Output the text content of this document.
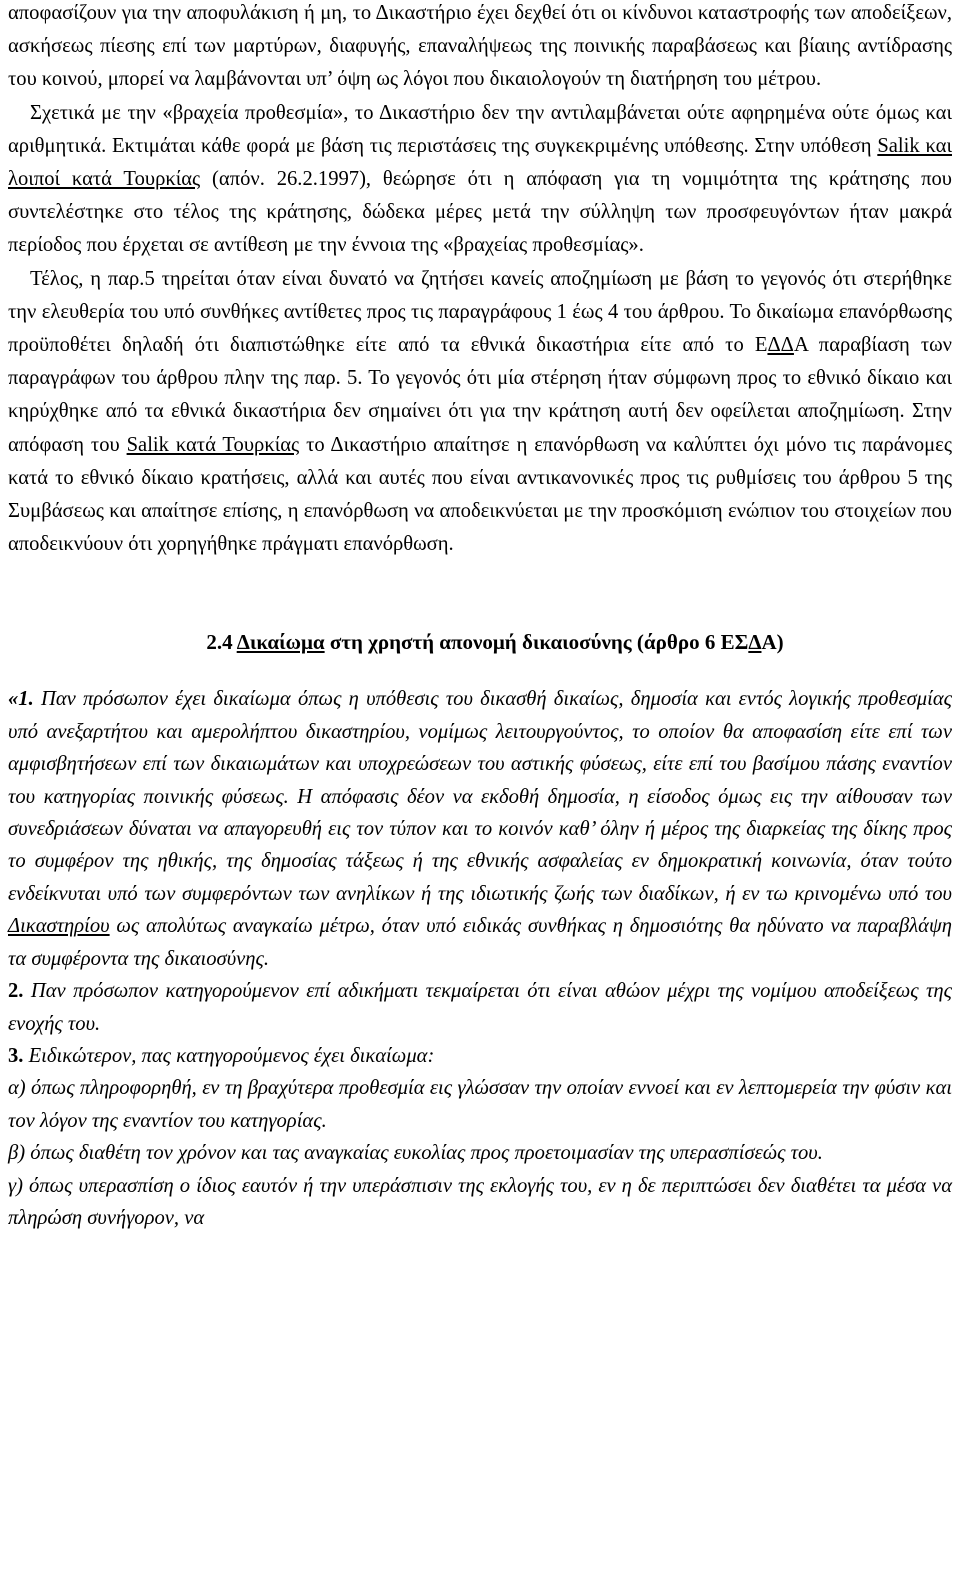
αποφασίζουν για την αποφυλάκιση ή μη, το Δικαστήριο έχει δεχθεί ότι οι κίνδυνοι καταστροφής των αποδείξεων, ασκήσεως πίεσης επί των μαρτύρων, διαφυγής, επαναλήψεως της ποινικής παραβάσεως και βίαιης αντίδρασης του κοινού, μπορεί να λαμβάνονται υπ’ όψη ως λόγοι που δικαιολογούν τη διατήρηση του μέτρου.

Σχετικά με την «βραχεία προθεσμία», το Δικαστήριο δεν την αντιλαμβάνεται ούτε αφηρημένα ούτε όμως και αριθμητικά. Εκτιμάται κάθε φορά με βάση τις περιστάσεις της συγκεκριμένης υπόθεσης. Στην υπόθεση Salik και λοιποί κατά Τουρκίας (απόν. 26.2.1997), θεώρησε ότι η απόφαση για τη νομιμότητα της κράτησης που συντελέστηκε στο τέλος της κράτησης, δώδεκα μέρες μετά την σύλληψη των προσφευγόντων ήταν μακρά περίοδος που έρχεται σε αντίθεση με την έννοια της «βραχείας προθεσμίας».

Τέλος, η παρ.5 τηρείται όταν είναι δυνατό να ζητήσει κανείς αποζημίωση με βάση το γεγονός ότι στερήθηκε την ελευθερία του υπό συνθήκες αντίθετες προς τις παραγράφους 1 έως 4 του άρθρου. Το δικαίωμα επανόρθωσης προϋποθέτει δηλαδή ότι διαπιστώθηκε είτε από τα εθνικά δικαστήρια είτε από το ΕΔΔΑ παραβίαση των παραγράφων του άρθρου πλην της παρ. 5. Το γεγονός ότι μία στέρηση ήταν σύμφωνη προς το εθνικό δίκαιο και κηρύχθηκε από τα εθνικά δικαστήρια δεν σημαίνει ότι για την κράτηση αυτή δεν οφείλεται αποζημίωση. Στην απόφαση του Salik κατά Τουρκίας το Δικαστήριο απαίτησε η επανόρθωση να καλύπτει όχι μόνο τις παράνομες κατά το εθνικό δίκαιο κρατήσεις, αλλά και αυτές που είναι αντικανονικές προς τις ρυθμίσεις του άρθρου 5 της Συμβάσεως και απαίτησε επίσης, η επανόρθωση να αποδεικνύεται με την προσκόμιση ενώπιον του στοιχείων που αποδεικνύουν ότι χορηγήθηκε πράγματι επανόρθωση.

2.4 Δικαίωμα στη χρηστή απονομή δικαιοσύνης (άρθρο 6 ΕΣΔΑ)

«1. Παν πρόσωπον έχει δικαίωμα όπως η υπόθεσις του δικασθή δικαίως, δημοσία και εντός λογικής προθεσμίας υπό ανεξαρτήτου και αμερολήπτου δικαστηρίου, νομίμως λειτουργούντος, το οποίον θα αποφασίση είτε επί των αμφισβητήσεων επί των δικαιωμάτων και υποχρεώσεων του αστικής φύσεως, είτε επί του βασίμου πάσης εναντίον του κατηγορίας ποινικής φύσεως. Η απόφασις δέον να εκδοθή δημοσία, η είσοδος όμως εις την αίθουσαν των συνεδριάσεων δύναται να απαγορευθή εις τον τύπον και το κοινόν καθ’ όλην ή μέρος της διαρκείας της δίκης προς το συμφέρον της ηθικής, της δημοσίας τάξεως ή της εθνικής ασφαλείας εν δημοκρατική κοινωνία, όταν τούτο ενδείκνυται υπό των συμφερόντων των ανηλίκων ή της ιδιωτικής ζωής των διαδίκων, ή εν τω κρινομένω υπό του Δικαστηρίου ως απολύτως αναγκαίω μέτρω, όταν υπό ειδικάς συνθήκας η δημοσιότης θα ηδύνατο να παραβλάψη τα συμφέροντα της δικαιοσύνης.

2. Παν πρόσωπον κατηγορούμενον επί αδικήματι τεκμαίρεται ότι είναι αθώον μέχρι της νομίμου αποδείξεως της ενοχής του.

3. Ειδικώτερον, πας κατηγορούμενος έχει δικαίωμα:

α) όπως πληροφορηθή, εν τη βραχύτερα προθεσμία εις γλώσσαν την οποίαν εννοεί και εν λεπτομερεία την φύσιν και τον λόγον της εναντίον του κατηγορίας.

β) όπως διαθέτη τον χρόνον και τας αναγκαίας ευκολίας προς προετοιμασίαν της υπερασπίσεώς του.

γ) όπως υπερασπίση ο ίδιος εαυτόν ή την υπεράσπισιν της εκλογής του, εν η δε περιπτώσει δεν διαθέτει τα μέσα να πληρώση συνήγορον, να
